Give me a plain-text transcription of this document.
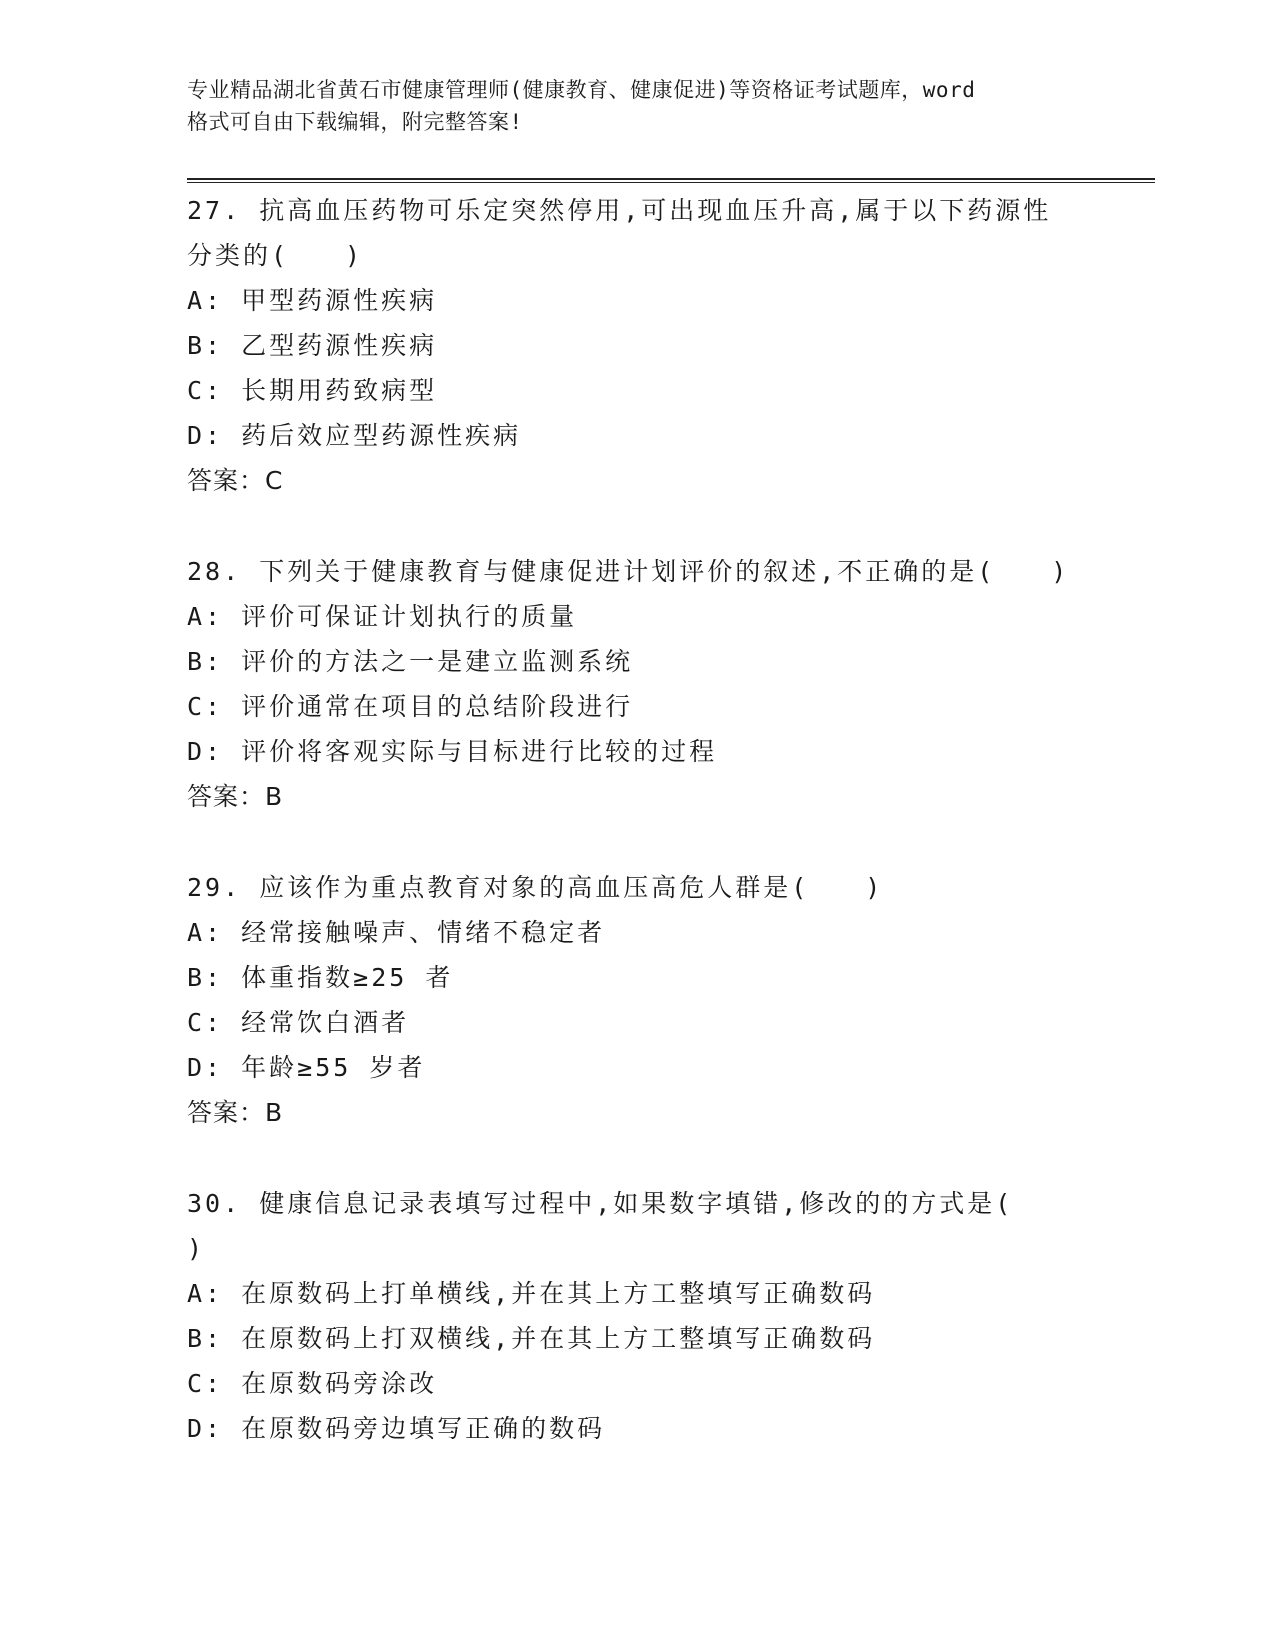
专业精品湖北省黄石市健康管理师(健康教育、健康促进)等资格证考试题库，word
格式可自由下载编辑，附完整答案!
27. 抗高血压药物可乐定突然停用,可出现血压升高,属于以下药源性
分类的(　　)
A: 甲型药源性疾病
B: 乙型药源性疾病
C: 长期用药致病型
D: 药后效应型药源性疾病
答案：C
28. 下列关于健康教育与健康促进计划评价的叙述,不正确的是(　　)
A: 评价可保证计划执行的质量
B: 评价的方法之一是建立监测系统
C: 评价通常在项目的总结阶段进行
D: 评价将客观实际与目标进行比较的过程
答案：B
29. 应该作为重点教育对象的高血压高危人群是(　　)
A: 经常接触噪声、情绪不稳定者
B: 体重指数≥25 者
C: 经常饮白酒者
D: 年龄≥55 岁者
答案：B
30. 健康信息记录表填写过程中,如果数字填错,修改的的方式是(
)
A: 在原数码上打单横线,并在其上方工整填写正确数码
B: 在原数码上打双横线,并在其上方工整填写正确数码
C: 在原数码旁涂改
D: 在原数码旁边填写正确的数码
